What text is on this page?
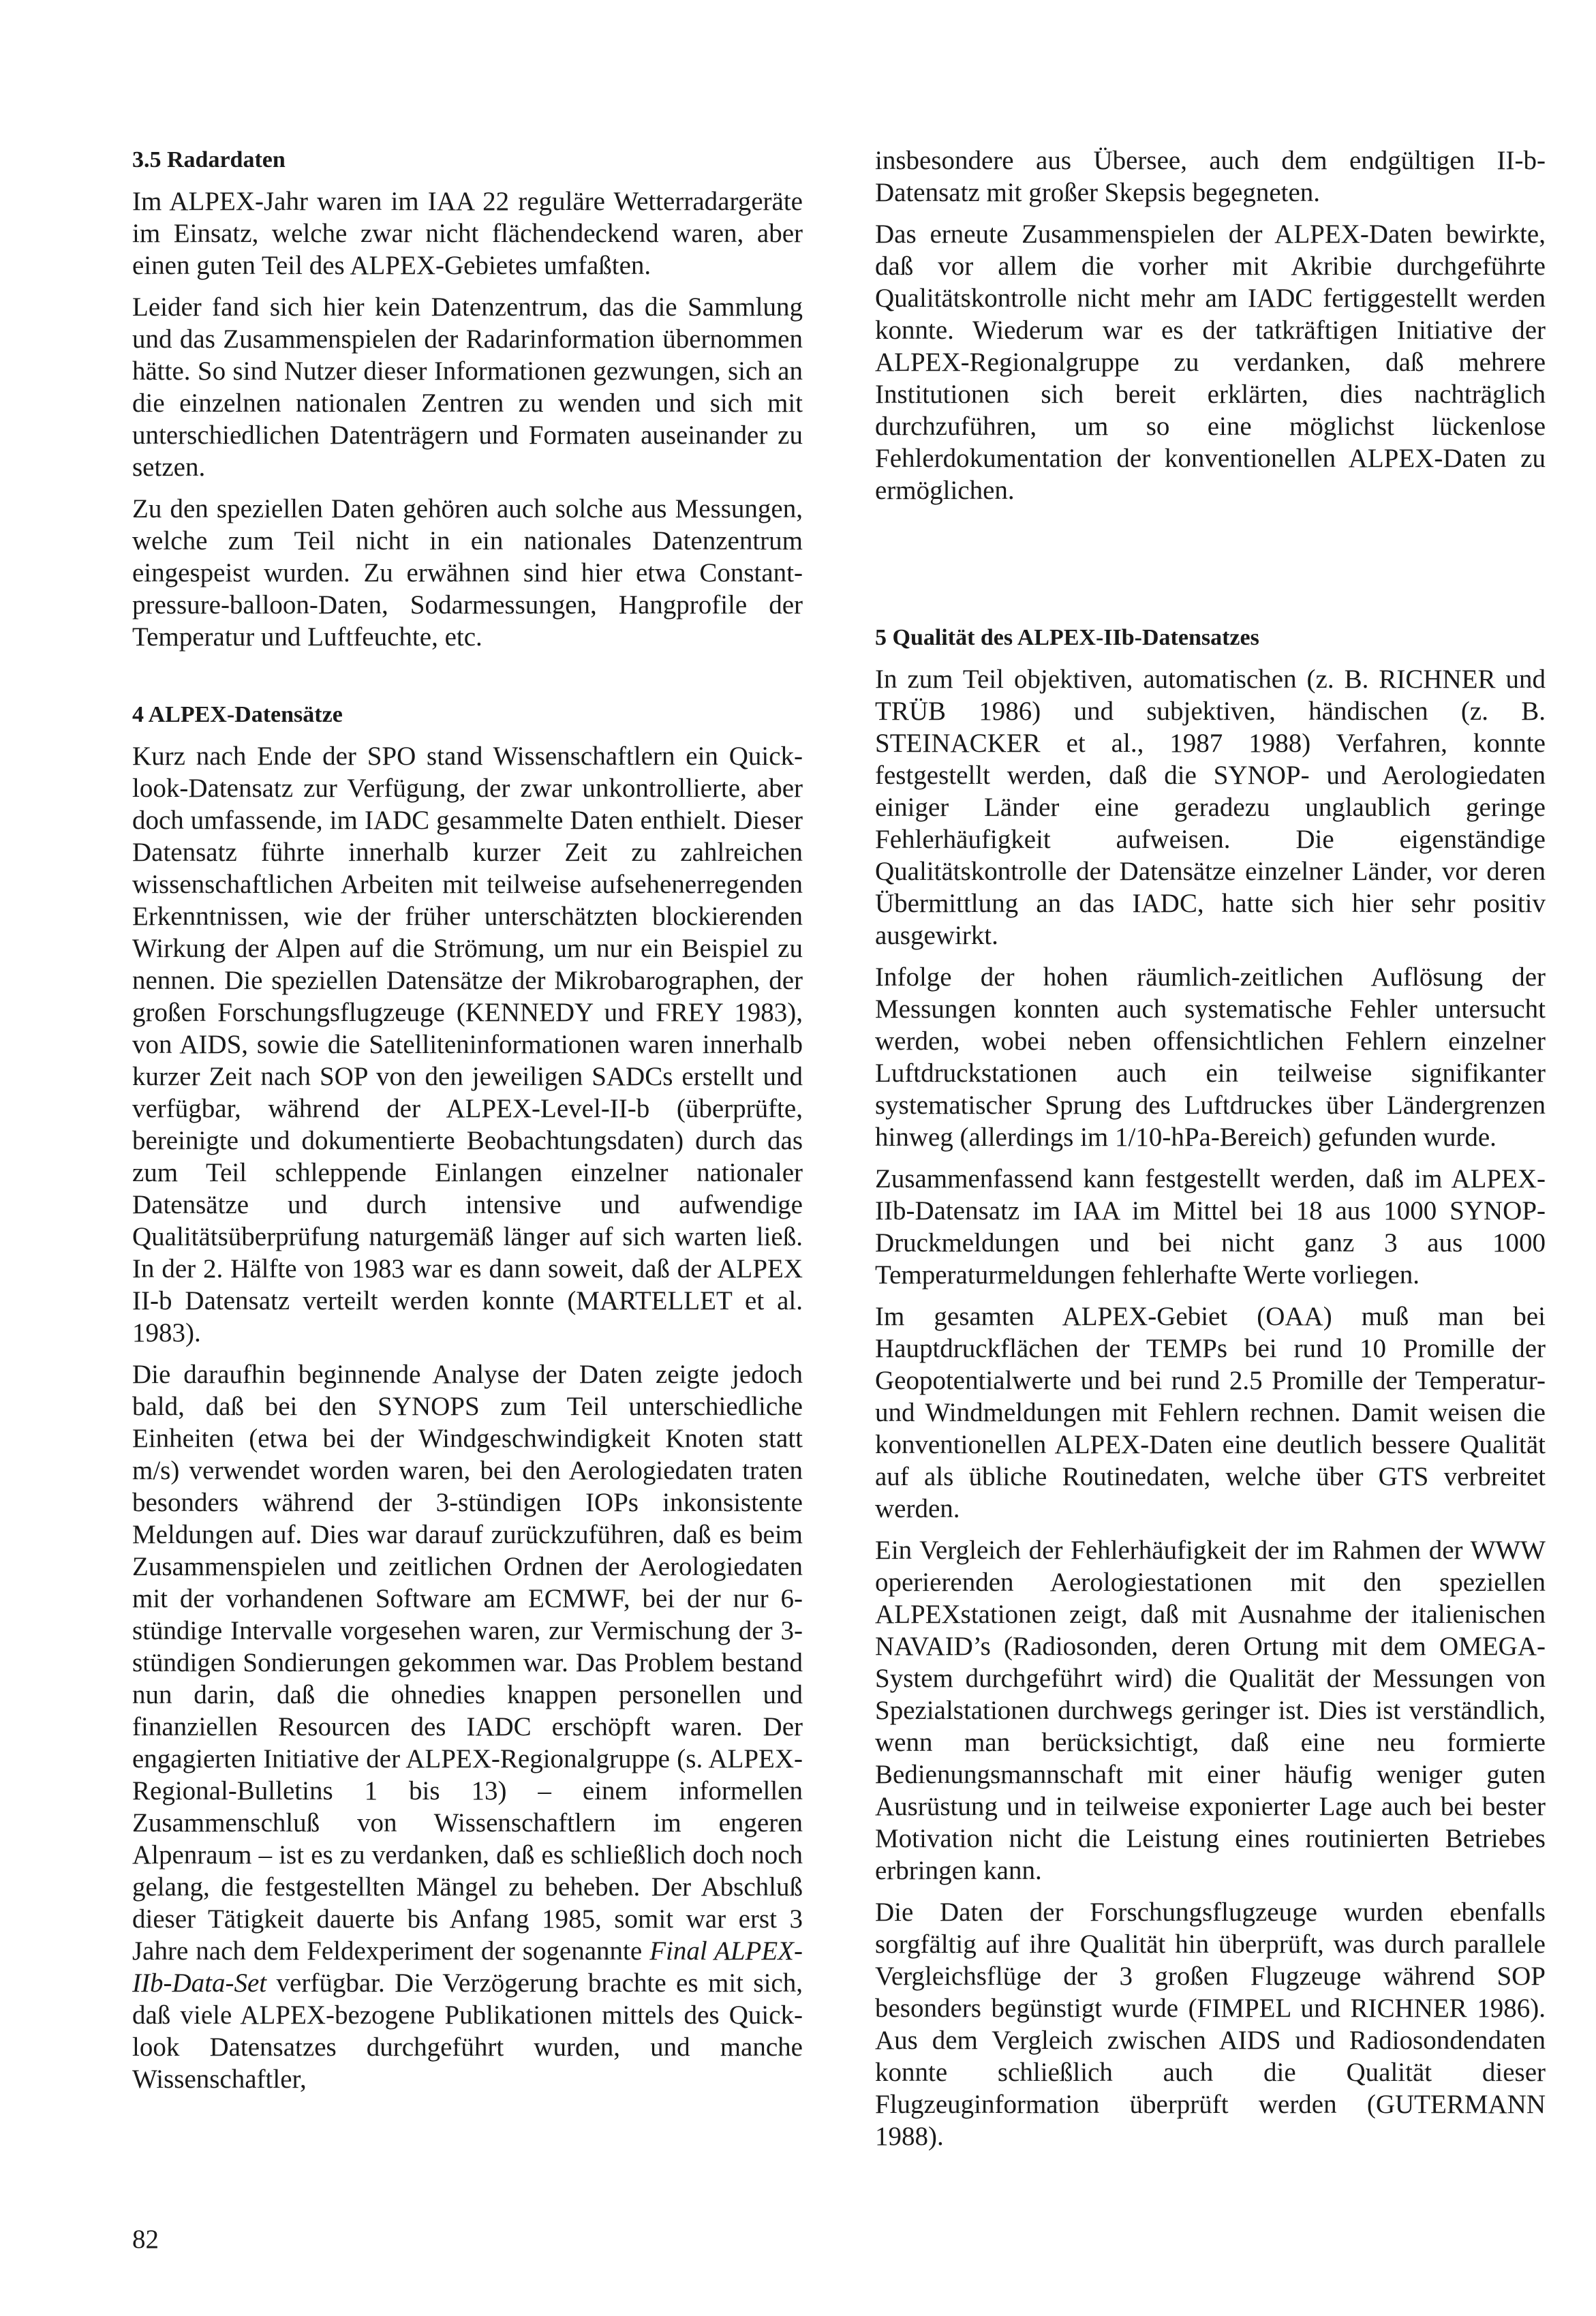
3.5 Radardaten

Im ALPEX-Jahr waren im IAA 22 reguläre Wetterradargeräte im Einsatz, welche zwar nicht flächendeckend waren, aber einen guten Teil des ALPEX-Gebietes umfaßten.

Leider fand sich hier kein Datenzentrum, das die Sammlung und das Zusammenspielen der Radarinformation übernommen hätte. So sind Nutzer dieser Informationen gezwungen, sich an die einzelnen nationalen Zentren zu wenden und sich mit unterschiedlichen Datenträgern und Formaten auseinander zu setzen.

Zu den speziellen Daten gehören auch solche aus Messungen, welche zum Teil nicht in ein nationales Datenzentrum eingespeist wurden. Zu erwähnen sind hier etwa Constant-pressure-balloon-Daten, Sodarmessungen, Hangprofile der Temperatur und Luftfeuchte, etc.

4 ALPEX-Datensätze

Kurz nach Ende der SPO stand Wissenschaftlern ein Quick-look-Datensatz zur Verfügung, der zwar unkontrollierte, aber doch umfassende, im IADC gesammelte Daten enthielt. Dieser Datensatz führte innerhalb kurzer Zeit zu zahlreichen wissenschaftlichen Arbeiten mit teilweise aufsehenerregenden Erkenntnissen, wie der früher unterschätzten blockierenden Wirkung der Alpen auf die Strömung, um nur ein Beispiel zu nennen. Die speziellen Datensätze der Mikrobarographen, der großen Forschungsflugzeuge (KENNEDY und FREY 1983), von AIDS, sowie die Satelliteninformationen waren innerhalb kurzer Zeit nach SOP von den jeweiligen SADCs erstellt und verfügbar, während der ALPEX-Level-II-b (überprüfte, bereinigte und dokumentierte Beobachtungsdaten) durch das zum Teil schleppende Einlangen einzelner nationaler Datensätze und durch intensive und aufwendige Qualitätsüberprüfung naturgemäß länger auf sich warten ließ. In der 2. Hälfte von 1983 war es dann soweit, daß der ALPEX II-b Datensatz verteilt werden konnte (MARTELLET et al. 1983).

Die daraufhin beginnende Analyse der Daten zeigte jedoch bald, daß bei den SYNOPS zum Teil unterschiedliche Einheiten (etwa bei der Windgeschwindigkeit Knoten statt m/s) verwendet worden waren, bei den Aerologiedaten traten besonders während der 3-stündigen IOPs inkonsistente Meldungen auf. Dies war darauf zurückzuführen, daß es beim Zusammenspielen und zeitlichen Ordnen der Aerologiedaten mit der vorhandenen Software am ECMWF, bei der nur 6-stündige Intervalle vorgesehen waren, zur Vermischung der 3-stündigen Sondierungen gekommen war. Das Problem bestand nun darin, daß die ohnedies knappen personellen und finanziellen Resourcen des IADC erschöpft waren. Der engagierten Initiative der ALPEX-Regionalgruppe (s. ALPEX-Regional-Bulletins 1 bis 13) – einem informellen Zusammenschluß von Wissenschaftlern im engeren Alpenraum – ist es zu verdanken, daß es schließlich doch noch gelang, die festgestellten Mängel zu beheben. Der Abschluß dieser Tätigkeit dauerte bis Anfang 1985, somit war erst 3 Jahre nach dem Feldexperiment der sogenannte Final ALPEX-IIb-Data-Set verfügbar. Die Verzögerung brachte es mit sich, daß viele ALPEX-bezogene Publikationen mittels des Quick-look Datensatzes durchgeführt wurden, und manche Wissenschaftler,

insbesondere aus Übersee, auch dem endgültigen II-b-Datensatz mit großer Skepsis begegneten.

Das erneute Zusammenspielen der ALPEX-Daten bewirkte, daß vor allem die vorher mit Akribie durchgeführte Qualitätskontrolle nicht mehr am IADC fertiggestellt werden konnte. Wiederum war es der tatkräftigen Initiative der ALPEX-Regionalgruppe zu verdanken, daß mehrere Institutionen sich bereit erklärten, dies nachträglich durchzuführen, um so eine möglichst lückenlose Fehlerdokumentation der konventionellen ALPEX-Daten zu ermöglichen.

5 Qualität des ALPEX-IIb-Datensatzes

In zum Teil objektiven, automatischen (z. B. RICHNER und TRÜB 1986) und subjektiven, händischen (z. B. STEINACKER et al., 1987 1988) Verfahren, konnte festgestellt werden, daß die SYNOP- und Aerologiedaten einiger Länder eine geradezu unglaublich geringe Fehlerhäufigkeit aufweisen. Die eigenständige Qualitätskontrolle der Datensätze einzelner Länder, vor deren Übermittlung an das IADC, hatte sich hier sehr positiv ausgewirkt.

Infolge der hohen räumlich-zeitlichen Auflösung der Messungen konnten auch systematische Fehler untersucht werden, wobei neben offensichtlichen Fehlern einzelner Luftdruckstationen auch ein teilweise signifikanter systematischer Sprung des Luftdruckes über Ländergrenzen hinweg (allerdings im 1/10-hPa-Bereich) gefunden wurde.

Zusammenfassend kann festgestellt werden, daß im ALPEX-IIb-Datensatz im IAA im Mittel bei 18 aus 1000 SYNOP-Druckmeldungen und bei nicht ganz 3 aus 1000 Temperaturmeldungen fehlerhafte Werte vorliegen.

Im gesamten ALPEX-Gebiet (OAA) muß man bei Hauptdruckflächen der TEMPs bei rund 10 Promille der Geopotentialwerte und bei rund 2.5 Promille der Temperatur- und Windmeldungen mit Fehlern rechnen. Damit weisen die konventionellen ALPEX-Daten eine deutlich bessere Qualität auf als übliche Routinedaten, welche über GTS verbreitet werden.

Ein Vergleich der Fehlerhäufigkeit der im Rahmen der WWW operierenden Aerologiestationen mit den speziellen ALPEXstationen zeigt, daß mit Ausnahme der italienischen NAVAID’s (Radiosonden, deren Ortung mit dem OMEGA-System durchgeführt wird) die Qualität der Messungen von Spezialstationen durchwegs geringer ist. Dies ist verständlich, wenn man berücksichtigt, daß eine neu formierte Bedienungsmannschaft mit einer häufig weniger guten Ausrüstung und in teilweise exponierter Lage auch bei bester Motivation nicht die Leistung eines routinierten Betriebes erbringen kann.

Die Daten der Forschungsflugzeuge wurden ebenfalls sorgfältig auf ihre Qualität hin überprüft, was durch parallele Vergleichsflüge der 3 großen Flugzeuge während SOP besonders begünstigt wurde (FIMPEL und RICHNER 1986). Aus dem Vergleich zwischen AIDS und Radiosondendaten konnte schließlich auch die Qualität dieser Flugzeuginformation überprüft werden (GUTERMANN 1988).

82
